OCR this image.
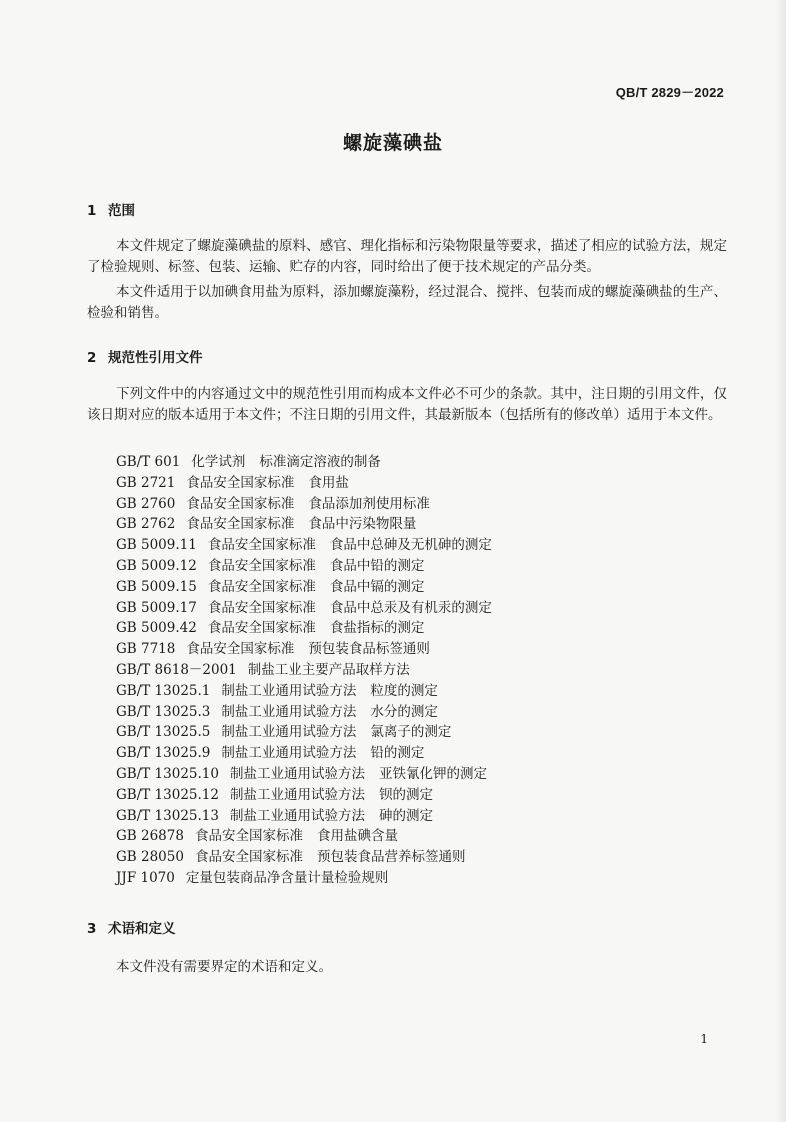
QB/T 2829－2022
螺旋藻碘盐
1 范围
本文件规定了螺旋藻碘盐的原料、感官、理化指标和污染物限量等要求，描述了相应的试验方法，规定了检验规则、标签、包装、运输、贮存的内容，同时给出了便于技术规定的产品分类。
本文件适用于以加碘食用盐为原料，添加螺旋藻粉，经过混合、搅拌、包装而成的螺旋藻碘盐的生产、检验和销售。
2 规范性引用文件
下列文件中的内容通过文中的规范性引用而构成本文件必不可少的条款。其中，注日期的引用文件，仅该日期对应的版本适用于本文件；不注日期的引用文件，其最新版本（包括所有的修改单）适用于本文件。
GB/T 601 化学试剂 标准滴定溶液的制备
GB 2721 食品安全国家标准 食用盐
GB 2760 食品安全国家标准 食品添加剂使用标准
GB 2762 食品安全国家标准 食品中污染物限量
GB 5009.11 食品安全国家标准 食品中总砷及无机砷的测定
GB 5009.12 食品安全国家标准 食品中铅的测定
GB 5009.15 食品安全国家标准 食品中镉的测定
GB 5009.17 食品安全国家标准 食品中总汞及有机汞的测定
GB 5009.42 食品安全国家标准 食盐指标的测定
GB 7718 食品安全国家标准 预包装食品标签通则
GB/T 8618－2001 制盐工业主要产品取样方法
GB/T 13025.1 制盐工业通用试验方法 粒度的测定
GB/T 13025.3 制盐工业通用试验方法 水分的测定
GB/T 13025.5 制盐工业通用试验方法 氯离子的测定
GB/T 13025.9 制盐工业通用试验方法 铅的测定
GB/T 13025.10 制盐工业通用试验方法 亚铁氰化钾的测定
GB/T 13025.12 制盐工业通用试验方法 钡的测定
GB/T 13025.13 制盐工业通用试验方法 砷的测定
GB 26878 食品安全国家标准 食用盐碘含量
GB 28050 食品安全国家标准 预包装食品营养标签通则
JJF 1070 定量包装商品净含量计量检验规则
3 术语和定义
本文件没有需要界定的术语和定义。
1
